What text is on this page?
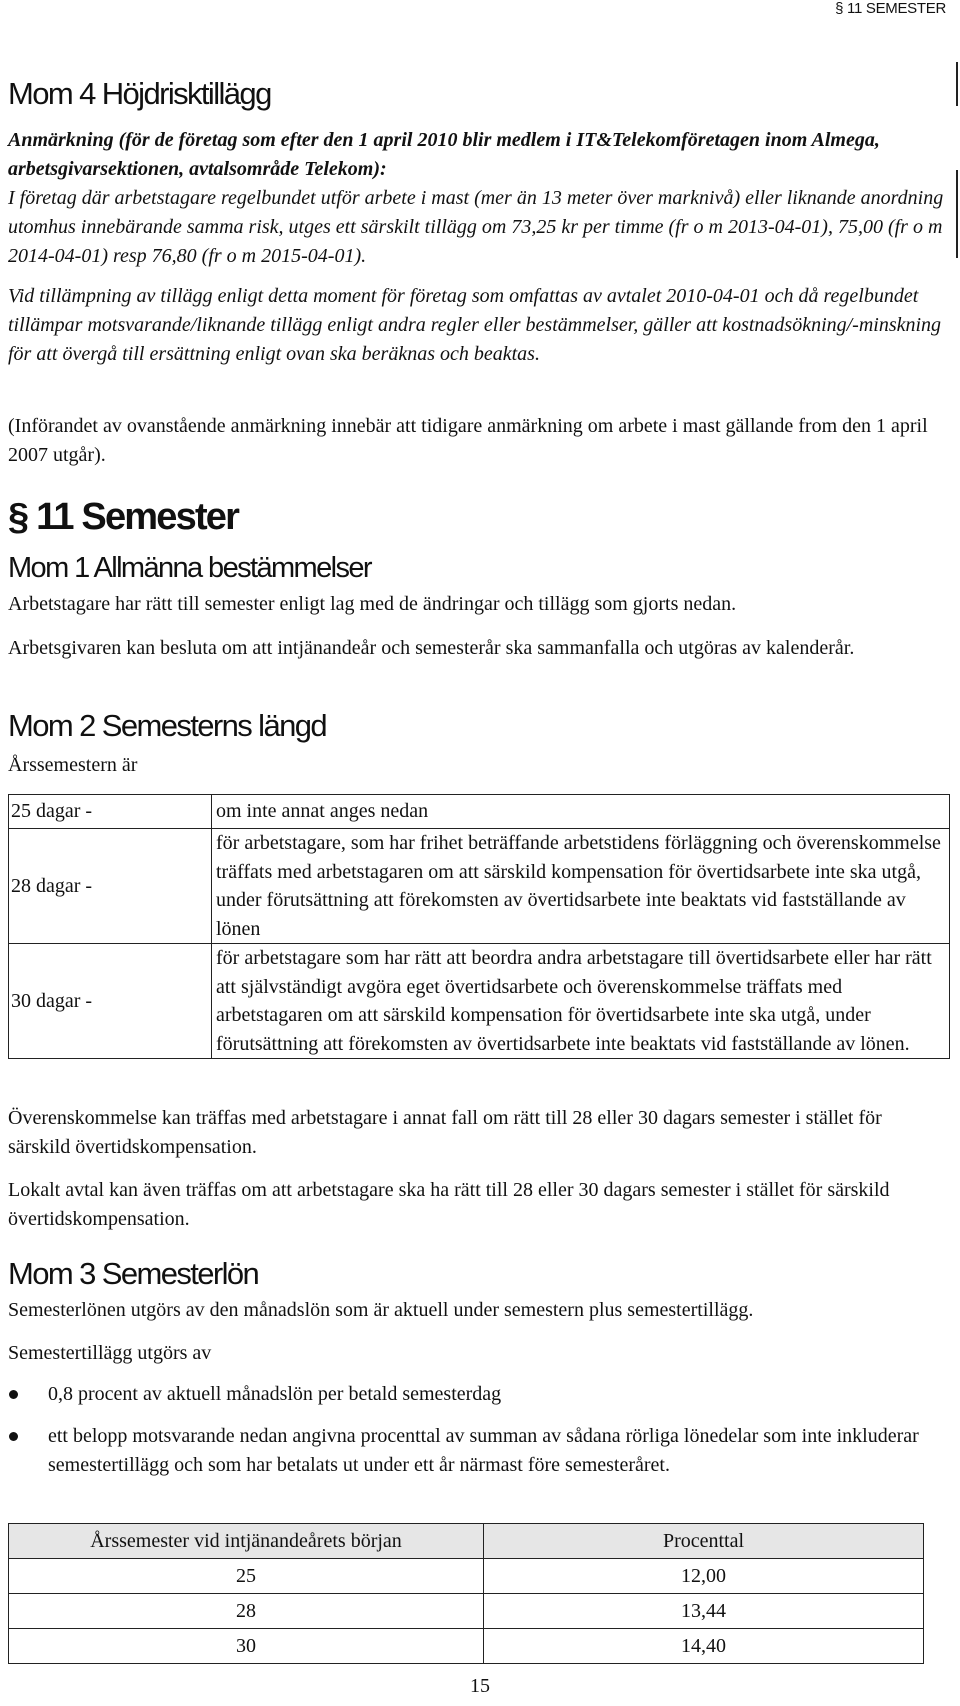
§ 11 SEMESTER
Mom 4 Höjdrisktillägg

Anmärkning (för de företag som efter den 1 april 2010 blir medlem i IT&Telekomföretagen inom Almega, arbetsgivarsektionen, avtalsområde Telekom):

I företag där arbetstagare regelbundet utför arbete i mast (mer än 13 meter över marknivå) eller liknande anordning utomhus innebärande samma risk, utges ett särskilt tillägg om 73,25 kr per timme (fr o m 2013-04-01), 75,00 (fr o m 2014-04-01) resp 76,80 (fr o m 2015-04-01).

Vid tillämpning av tillägg enligt detta moment för företag som omfattas av avtalet 2010-04-01 och då regelbundet tillämpar motsvarande/liknande tillägg enligt andra regler eller bestämmelser, gäller att kostnadsökning/-minskning för att övergå till ersättning enligt ovan ska beräknas och beaktas.

(Införandet av ovanstående anmärkning innebär att tidigare anmärkning om arbete i mast gällande from den 1 april 2007 utgår).

§ 11 Semester
Mom 1 Allmänna bestämmelser

Arbetstagare har rätt till semester enligt lag med de ändringar och tillägg som gjorts nedan.

Arbetsgivaren kan besluta om att intjänandeår och semesterår ska sammanfalla och utgöras av kalenderår.

Mom 2 Semesterns längd

Årssemestern är

25 dagar -	om inte annat anges nedan
28 dagar -	för arbetstagare, som har frihet beträffande arbetstidens förläggning och överenskommelse träffats med arbetstagaren om att särskild kompensation för övertidsarbete inte ska utgå, under förutsättning att förekomsten av övertidsarbete inte beaktats vid fastställande av lönen
30 dagar -	för arbetstagare som har rätt att beordra andra arbetstagare till övertidsarbete eller har rätt att självständigt avgöra eget övertidsarbete och överenskommelse träffats med arbetstagaren om att särskild kompensation för övertidsarbete inte ska utgå, under förutsättning att förekomsten av övertidsarbete inte beaktats vid fastställande av lönen.

Överenskommelse kan träffas med arbetstagare i annat fall om rätt till 28 eller 30 dagars semester i stället för särskild övertidskompensation.

Lokalt avtal kan även träffas om att arbetstagare ska ha rätt till 28 eller 30 dagars semester i stället för särskild övertidskompensation.

Mom 3 Semesterlön

Semesterlönen utgörs av den månadslön som är aktuell under semestern plus semestertillägg.

Semestertillägg utgörs av

0,8 procent av aktuell månadslön per betald semesterdag
ett belopp motsvarande nedan angivna procenttal av summan av sådana rörliga lönedelar som inte inkluderar semestertillägg och som har betalats ut under ett år närmast före semesteråret.
Årssemester vid intjänandeårets början	Procenttal
25	12,00
28	13,44
30	14,40
15
